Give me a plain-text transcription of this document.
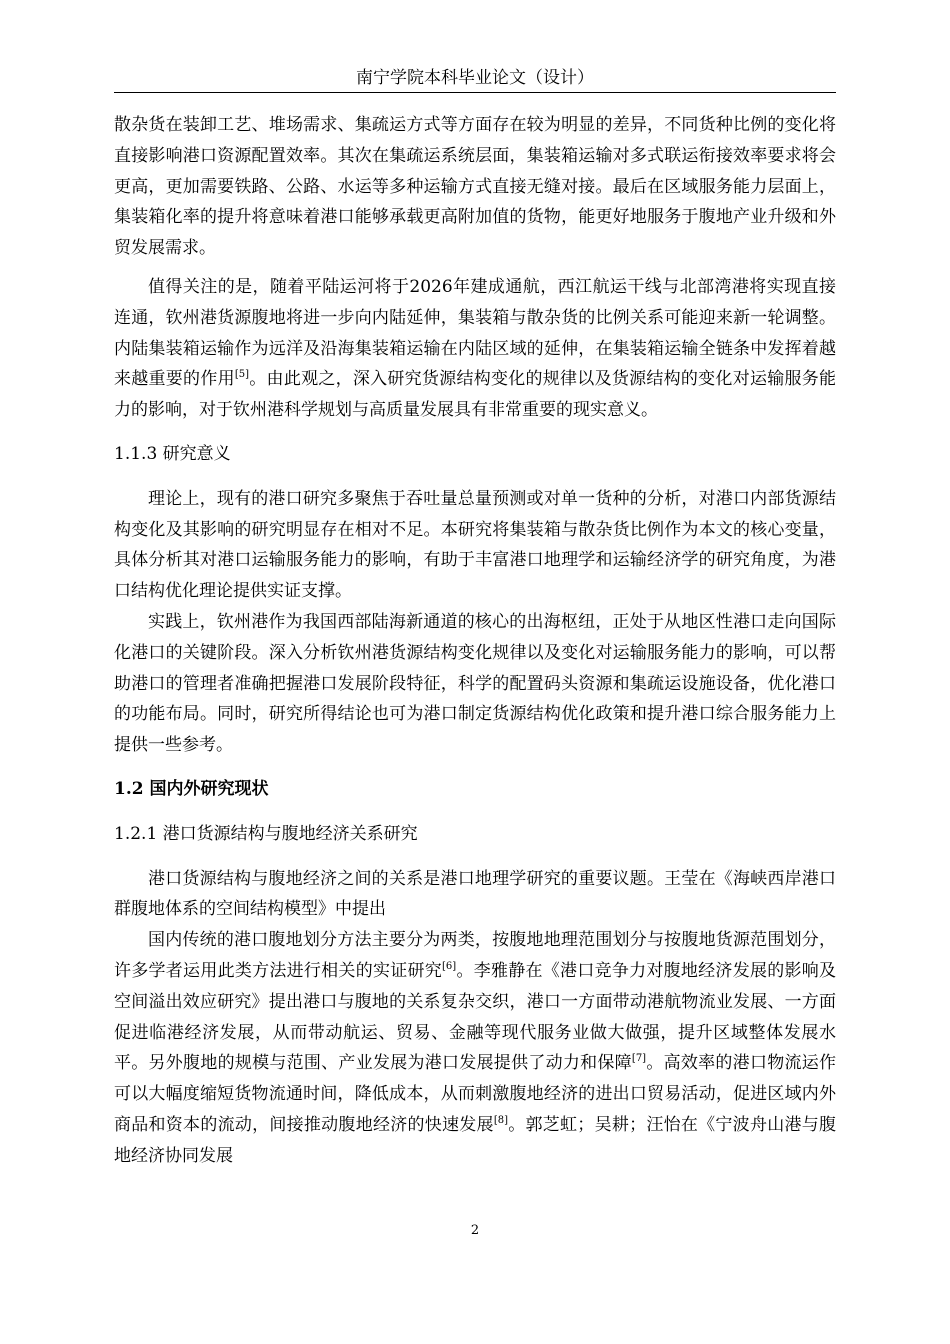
南宁学院本科毕业论文（设计）

散杂货在装卸工艺、堆场需求、集疏运方式等方面存在较为明显的差异，不同货种比例的变化将直接影响港口资源配置效率。其次在集疏运系统层面，集装箱运输对多式联运衔接效率要求将会更高，更加需要铁路、公路、水运等多种运输方式直接无缝对接。最后在区域服务能力层面上，集装箱化率的提升将意味着港口能够承载更高附加值的货物，能更好地服务于腹地产业升级和外贸发展需求。

值得关注的是，随着平陆运河将于2026年建成通航，西江航运干线与北部湾港将实现直接连通，钦州港货源腹地将进一步向内陆延伸，集装箱与散杂货的比例关系可能迎来新一轮调整。内陆集装箱运输作为远洋及沿海集装箱运输在内陆区域的延伸，在集装箱运输全链条中发挥着越来越重要的作用[5]。由此观之，深入研究货源结构变化的规律以及货源结构的变化对运输服务能力的影响，对于钦州港科学规划与高质量发展具有非常重要的现实意义。

1.1.3 研究意义

理论上，现有的港口研究多聚焦于吞吐量总量预测或对单一货种的分析，对港口内部货源结构变化及其影响的研究明显存在相对不足。本研究将集装箱与散杂货比例作为本文的核心变量，具体分析其对港口运输服务能力的影响，有助于丰富港口地理学和运输经济学的研究角度，为港口结构优化理论提供实证支撑。

实践上，钦州港作为我国西部陆海新通道的核心的出海枢纽，正处于从地区性港口走向国际化港口的关键阶段。深入分析钦州港货源结构变化规律以及变化对运输服务能力的影响，可以帮助港口的管理者准确把握港口发展阶段特征，科学的配置码头资源和集疏运设施设备，优化港口的功能布局。同时，研究所得结论也可为港口制定货源结构优化政策和提升港口综合服务能力上提供一些参考。

1.2 国内外研究现状

1.2.1 港口货源结构与腹地经济关系研究

港口货源结构与腹地经济之间的关系是港口地理学研究的重要议题。王莹在《海峡西岸港口群腹地体系的空间结构模型》中提出

国内传统的港口腹地划分方法主要分为两类，按腹地地理范围划分与按腹地货源范围划分，许多学者运用此类方法进行相关的实证研究[6]。李雅静在《港口竞争力对腹地经济发展的影响及空间溢出效应研究》提出港口与腹地的关系复杂交织，港口一方面带动港航物流业发展、一方面促进临港经济发展，从而带动航运、贸易、金融等现代服务业做大做强，提升区域整体发展水平。另外腹地的规模与范围、产业发展为港口发展提供了动力和保障[7]。高效率的港口物流运作可以大幅度缩短货物流通时间，降低成本，从而刺激腹地经济的进出口贸易活动，促进区域内外商品和资本的流动，间接推动腹地经济的快速发展[8]。郭芝虹；吴耕；汪怡在《宁波舟山港与腹地经济协同发展

2
